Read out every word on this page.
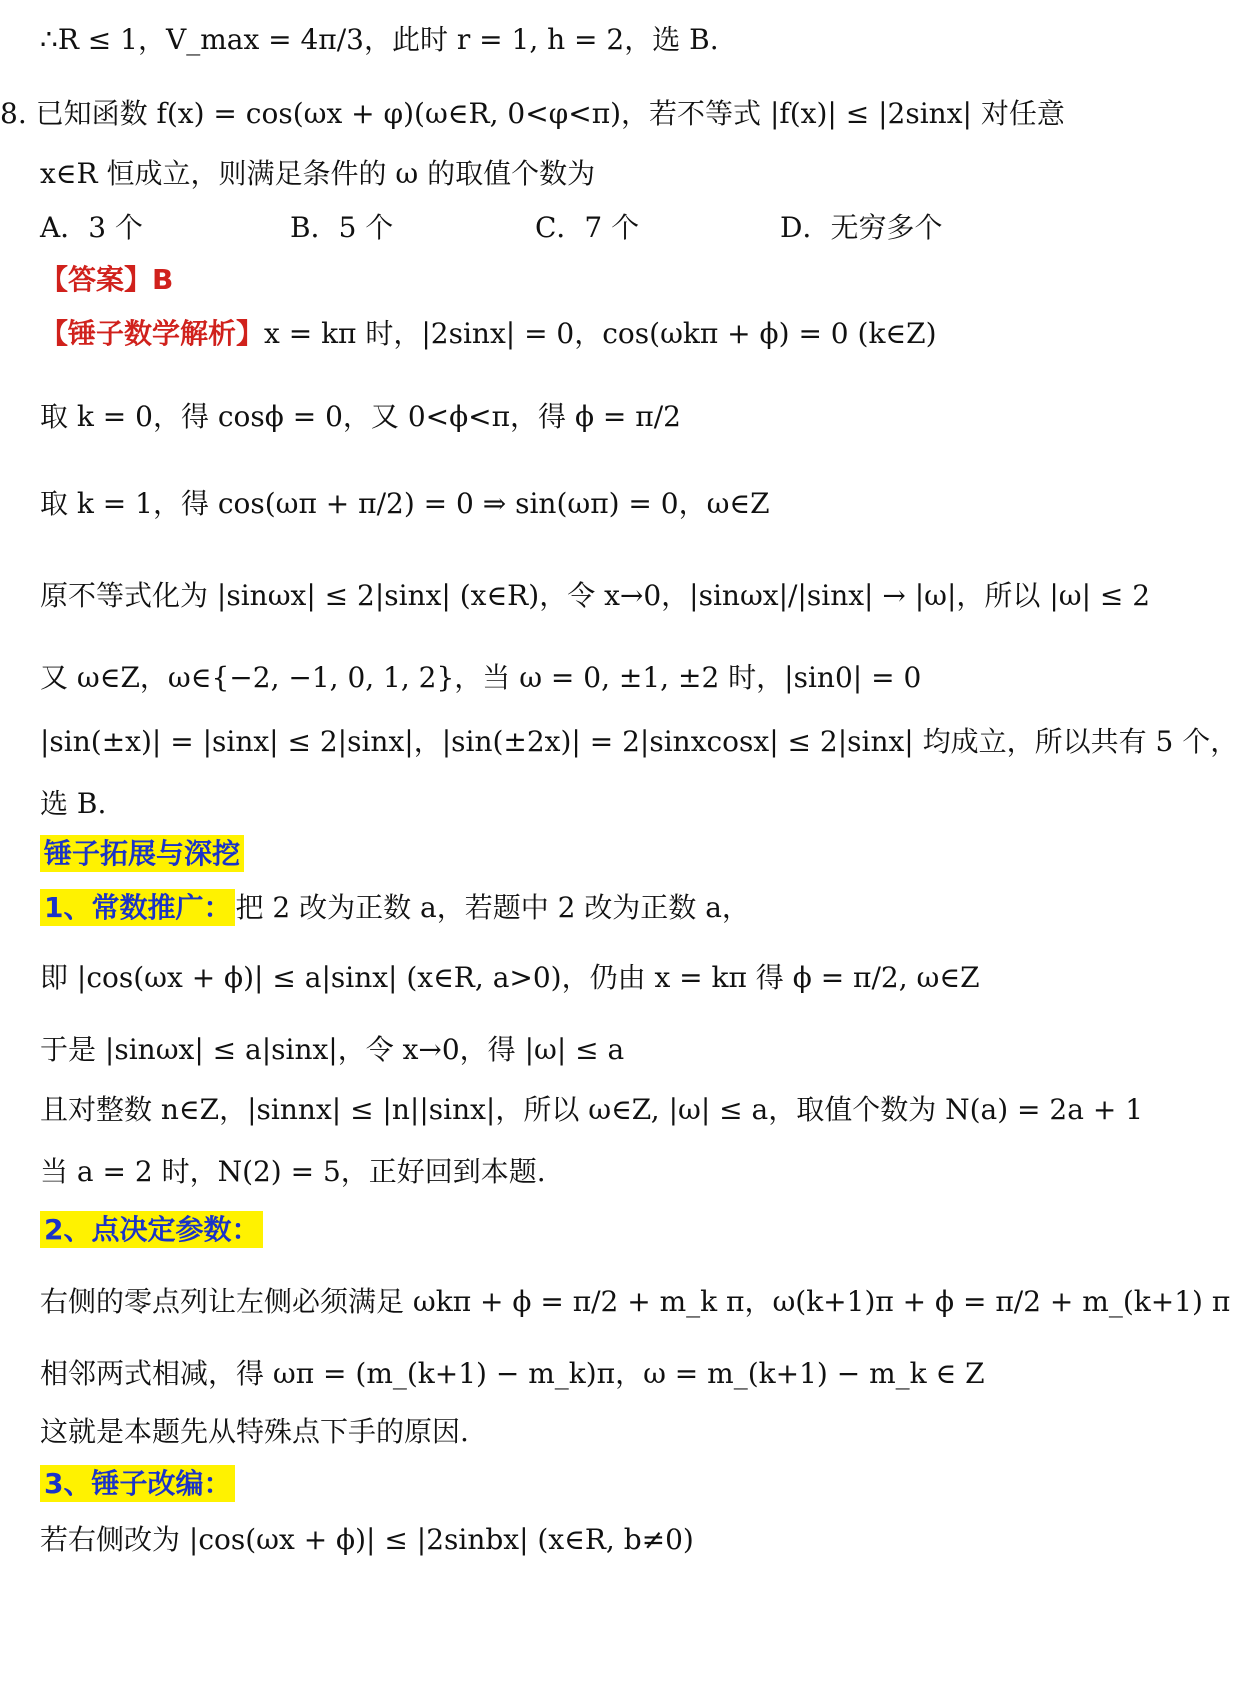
∴R ≤ 1，V_max = 4π/3，此时 r = 1, h = 2，选 B.
8. 已知函数 f(x) = cos(ωx + φ)(ω∈R, 0<φ<π)，若不等式 |f(x)| ≤ |2sinx| 对任意
x∈R 恒成立，则满足条件的 ω 的取值个数为
A．3 个	B．5 个	C．7 个	D．无穷多个
【答案】B
【锤子数学解析】x = kπ 时，|2sinx| = 0，cos(ωkπ + ϕ) = 0 (k∈Z)
取 k = 0，得 cosϕ = 0，又 0<ϕ<π，得 ϕ = π/2
取 k = 1，得 cos(ωπ + π/2) = 0 ⇒ sin(ωπ) = 0，ω∈Z
原不等式化为 |sinωx| ≤ 2|sinx| (x∈R)，令 x→0，|sinωx|/|sinx| → |ω|，所以 |ω| ≤ 2
又 ω∈Z，ω∈{−2, −1, 0, 1, 2}，当 ω = 0, ±1, ±2 时，|sin0| = 0
|sin(±x)| = |sinx| ≤ 2|sinx|，|sin(±2x)| = 2|sinxcosx| ≤ 2|sinx| 均成立，所以共有 5 个，
选 B.
锤子拓展与深挖
1、常数推广： 把 2 改为正数 a，若题中 2 改为正数 a，
即 |cos(ωx + ϕ)| ≤ a|sinx| (x∈R, a>0)，仍由 x = kπ 得 ϕ = π/2, ω∈Z
于是 |sinωx| ≤ a|sinx|，令 x→0，得 |ω| ≤ a
且对整数 n∈Z，|sinnx| ≤ |n||sinx|，所以 ω∈Z, |ω| ≤ a，取值个数为 N(a) = 2a + 1
当 a = 2 时，N(2) = 5，正好回到本题.
2、点决定参数：
右侧的零点列让左侧必须满足 ωkπ + ϕ = π/2 + m_k π，ω(k+1)π + ϕ = π/2 + m_(k+1) π
相邻两式相减，得 ωπ = (m_(k+1) − m_k)π，ω = m_(k+1) − m_k ∈ Z
这就是本题先从特殊点下手的原因.
3、锤子改编：
若右侧改为 |cos(ωx + ϕ)| ≤ |2sinbx| (x∈R, b≠0)
